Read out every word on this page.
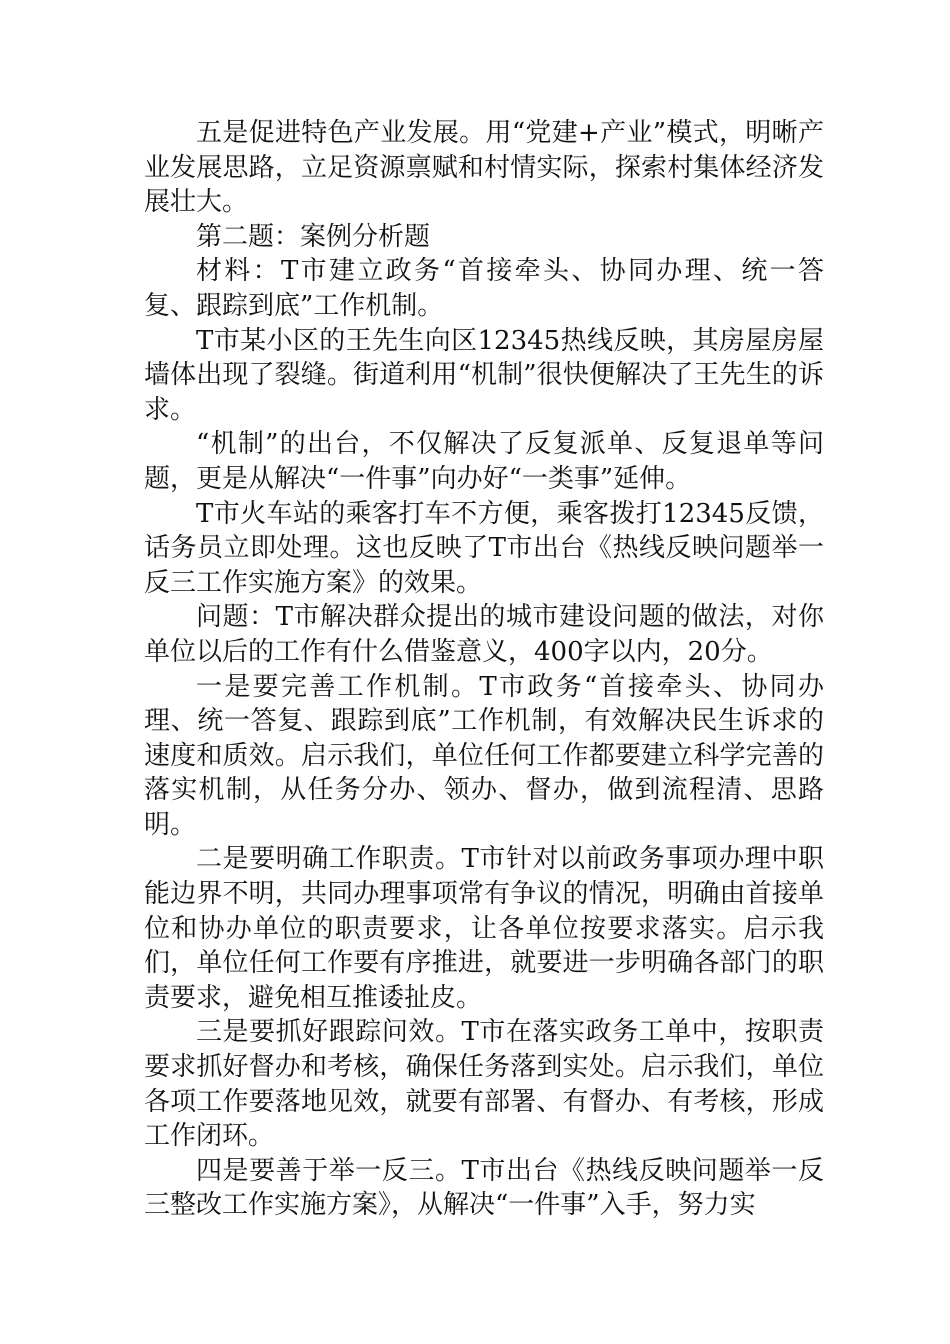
五是促进特色产业发展。用“党建+产业”模式，明晰产业发展思路，立足资源禀赋和村情实际，探索村集体经济发展壮大。

第二题：案例分析题

材料：T市建立政务“首接牵头、协同办理、统一答复、跟踪到底”工作机制。

T市某小区的王先生向区12345热线反映，其房屋房屋墙体出现了裂缝。街道利用“机制”很快便解决了王先生的诉求。

“机制”的出台，不仅解决了反复派单、反复退单等问题，更是从解决“一件事”向办好“一类事”延伸。

T市火车站的乘客打车不方便，乘客拨打12345反馈，话务员立即处理。这也反映了T市出台《热线反映问题举一反三工作实施方案》的效果。

问题：T市解决群众提出的城市建设问题的做法，对你单位以后的工作有什么借鉴意义，400字以内，20分。

一是要完善工作机制。T市政务“首接牵头、协同办理、统一答复、跟踪到底”工作机制，有效解决民生诉求的速度和质效。启示我们，单位任何工作都要建立科学完善的落实机制，从任务分办、领办、督办，做到流程清、思路明。

二是要明确工作职责。T市针对以前政务事项办理中职能边界不明，共同办理事项常有争议的情况，明确由首接单位和协办单位的职责要求，让各单位按要求落实。启示我们，单位任何工作要有序推进，就要进一步明确各部门的职责要求，避免相互推诿扯皮。

三是要抓好跟踪问效。T市在落实政务工单中，按职责要求抓好督办和考核，确保任务落到实处。启示我们，单位各项工作要落地见效，就要有部署、有督办、有考核，形成工作闭环。

四是要善于举一反三。T市出台《热线反映问题举一反三整改工作实施方案》，从解决“一件事”入手，努力实
